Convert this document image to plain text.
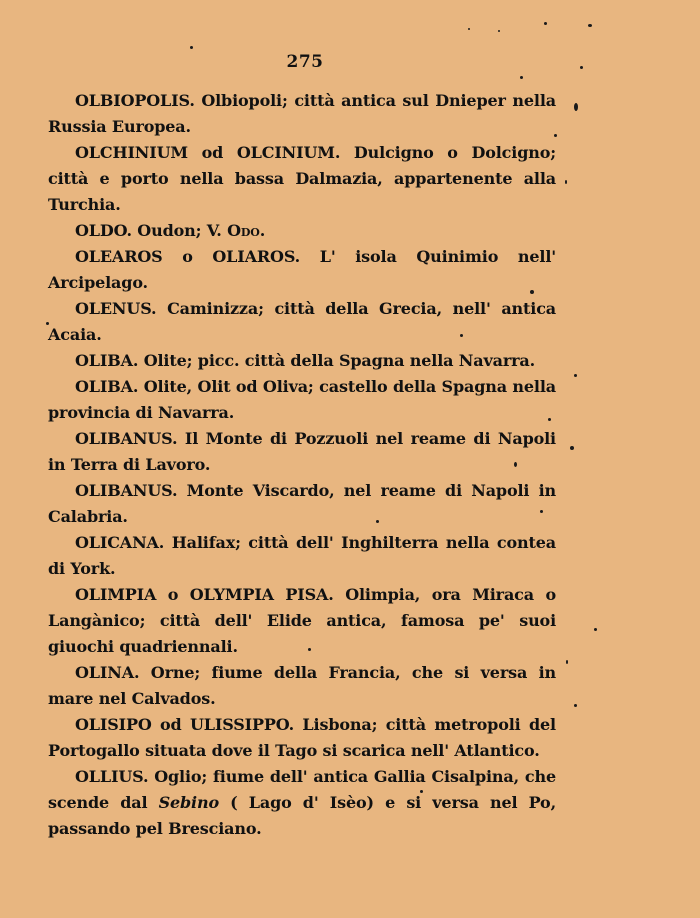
275

OLBIOPOLIS. Olbiopoli; città antica sul Dnieper nella Russia Europea.

OLCHINIUM od OLCINIUM. Dulcigno o Dolcigno; città e porto nella bassa Dalmazia, appartenente alla Turchia.

OLDO. Oudon; V. Odo.

OLEAROS o OLIAROS. L' isola Quinimio nell' Arcipelago.

OLENUS. Caminizza; città della Grecia, nell' antica Acaia.

OLIBA. Olite; picc. città della Spagna nella Navarra.

OLIBA. Olite, Olit od Oliva; castello della Spagna nella provincia di Navarra.

OLIBANUS. Il Monte di Pozzuoli nel reame di Napoli in Terra di Lavoro.

OLIBANUS. Monte Viscardo, nel reame di Napoli in Calabria.

OLICANA. Halifax; città dell' Inghilterra nella contea di York.

OLIMPIA o OLYMPIA PISA. Olimpia, ora Miraca o Langànico; città dell' Elide antica, famosa pe' suoi giuochi quadriennali.

OLINA. Orne; fiume della Francia, che si versa in mare nel Calvados.

OLISIPO od ULISSIPPO. Lisbona; città metropoli del Portogallo situata dove il Tago si scarica nell' Atlantico.

OLLIUS. Oglio; fiume dell' antica Gallia Cisalpina, che scende dal Sebino ( Lago d' Isèo) e si versa nel Po, passando pel Bresciano.
